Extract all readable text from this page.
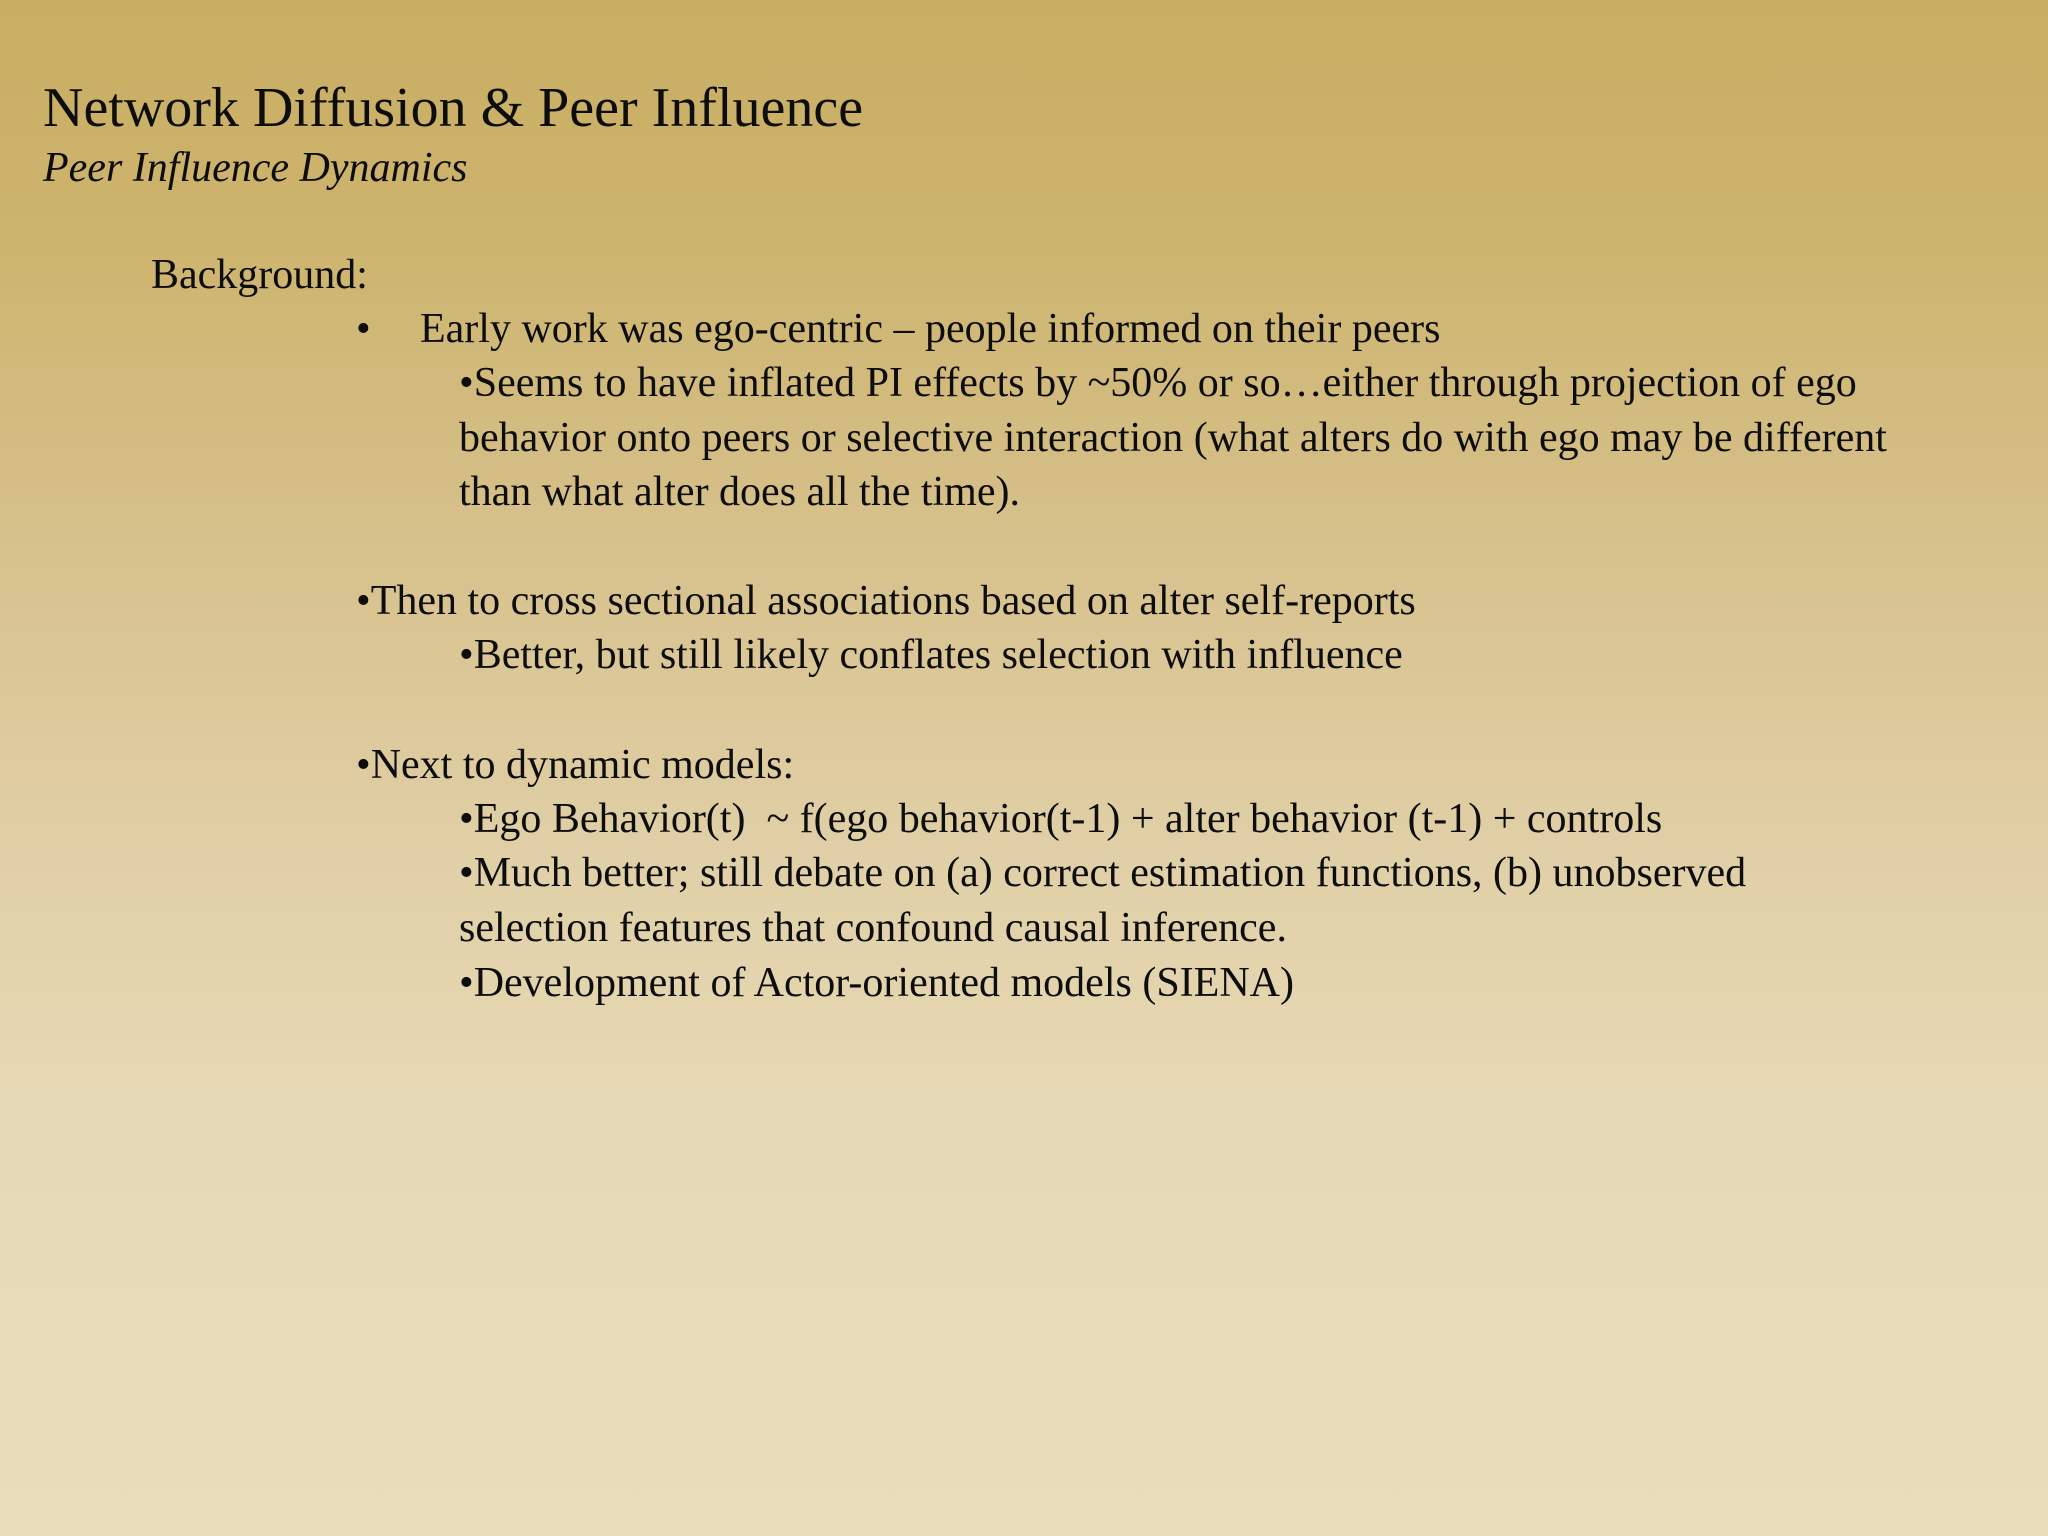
Network Diffusion & Peer Influence
Peer Influence Dynamics
Background:
• Early work was ego-centric – people informed on their peers
•Seems to have inflated PI effects by ~50% or so…either through projection of ego behavior onto peers or selective interaction (what alters do with ego may be different than what alter does all the time).
•Then to cross sectional associations based on alter self-reports
•Better, but still likely conflates selection with influence
•Next to dynamic models:
•Ego Behavior(t)  ~ f(ego behavior(t-1) + alter behavior (t-1) + controls
•Much better; still debate on (a) correct estimation functions, (b) unobserved selection features that confound causal inference.
•Development of Actor-oriented models (SIENA)
